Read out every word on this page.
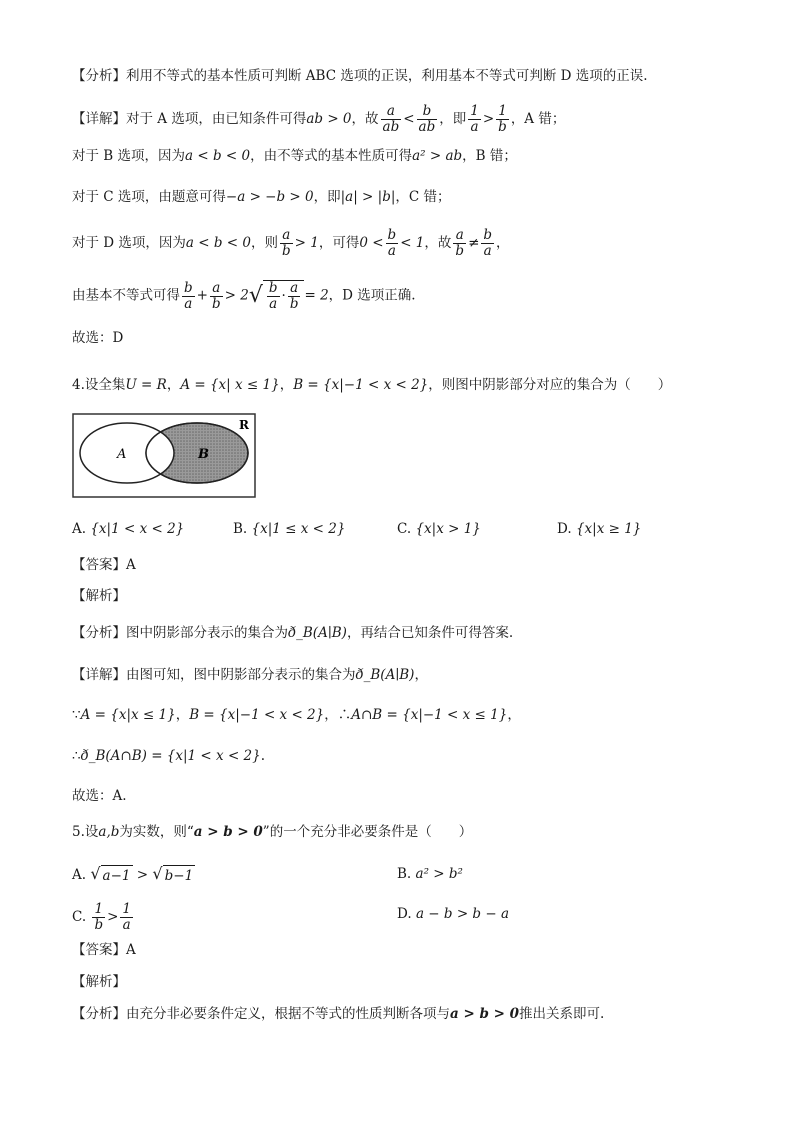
【分析】利用不等式的基本性质可判断 ABC 选项的正误，利用基本不等式可判断 D 选项的正误.
【详解】对于 A 选项，由已知条件可得ab > 0，故 $\frac{a}{ab} < \frac{b}{ab}$ ，即 $\frac{1}{a} > \frac{1}{b}$ ，A 错；
对于 B 选项，因为a < b < 0，由不等式的基本性质可得a² > ab，B 错；
对于 C 选项，由题意可得−a > −b > 0，即|a| > |b|，C 错；
对于 D 选项，因为a < b < 0，则 $\frac{a}{b} > 1$，可得$0 < \frac{b}{a} < 1$，故 $\frac{a}{b} \ne \frac{b}{a}$ ，
由基本不等式可得 $\frac{b}{a} + \frac{a}{b} > 2√ \frac{b}{a} \cdot \frac{a}{b} = 2$，D 选项正确.
故选：D
4.设全集U = R，A = {x| x ≤ 1}，B = {x|−1 < x < 2}，则图中阴影部分对应的集合为（　　）
A	B
R
A. {x|1 < x < 2}	B. {x|1 ≤ x < 2}	C. {x|x > 1}	D. {x|x ≥ 1}
【答案】A
【解析】
【分析】图中阴影部分表示的集合为ð_B(A∣B)，再结合已知条件可得答案.
【详解】由图可知，图中阴影部分表示的集合为ð_B(A∣B)，
∵A = {x|x ≤ 1}，B = {x|−1 < x < 2}，∴A∩B = {x|−1 < x ≤ 1}，
∴ð_B(A∩B) = {x|1 < x < 2}.
故选：A.
5.设a,b为实数，则“a > b > 0”的一个充分非必要条件是（　　）
A. √ a−1 > √ b−1	B. a² > b²
C. $\frac{1}{b} > \frac{1}{a}$	D. a − b > b − a
【答案】A
【解析】
【分析】由充分非必要条件定义，根据不等式的性质判断各项与a > b > 0推出关系即可.
